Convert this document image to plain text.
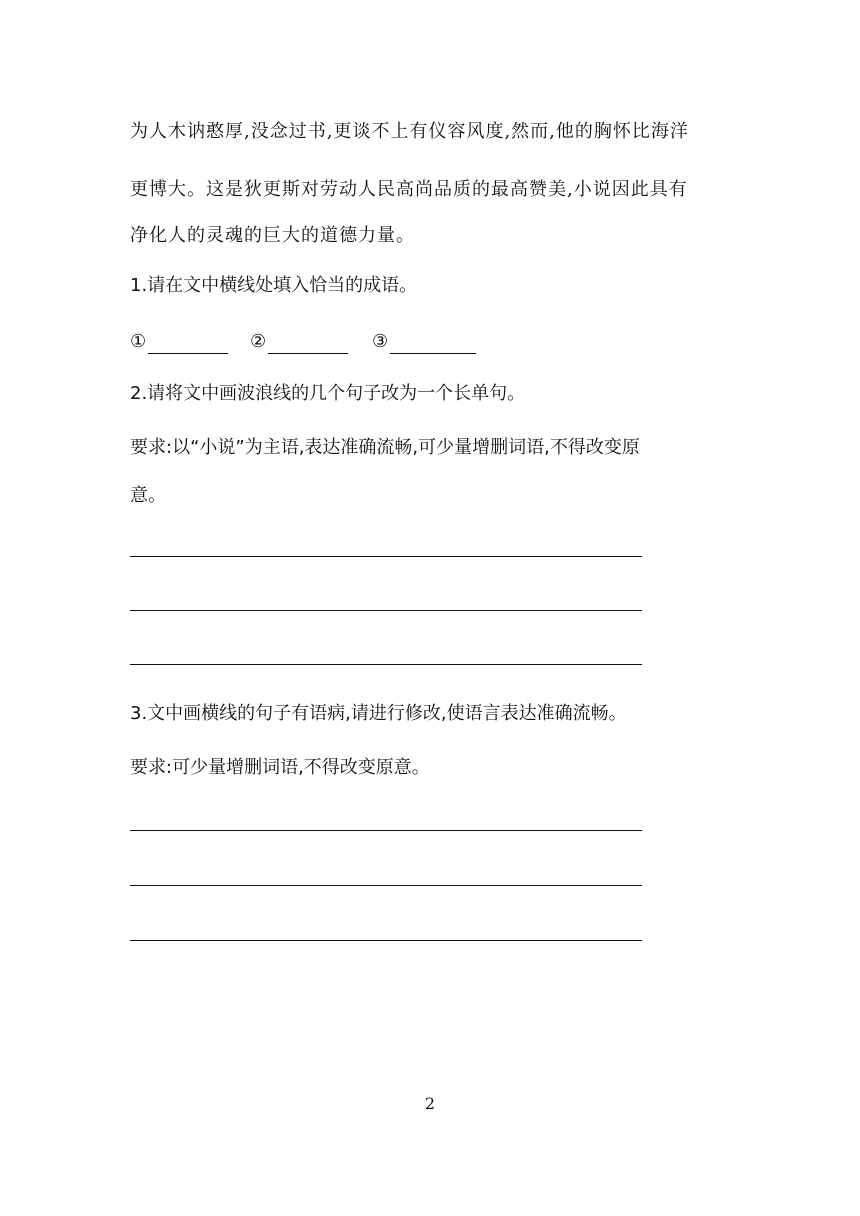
为人木讷憨厚,没念过书,更谈不上有仪容风度,然而,他的胸怀比海洋
更博大。这是狄更斯对劳动人民高尚品质的最高赞美,小说因此具有
净化人的灵魂的巨大的道德力量。
1.请在文中横线处填入恰当的成语。
①	②	③
2.请将文中画波浪线的几个句子改为一个长单句。
要求:以“小说”为主语,表达准确流畅,可少量增删词语,不得改变原
意。
3.文中画横线的句子有语病,请进行修改,使语言表达准确流畅。
要求:可少量增删词语,不得改变原意。
2
